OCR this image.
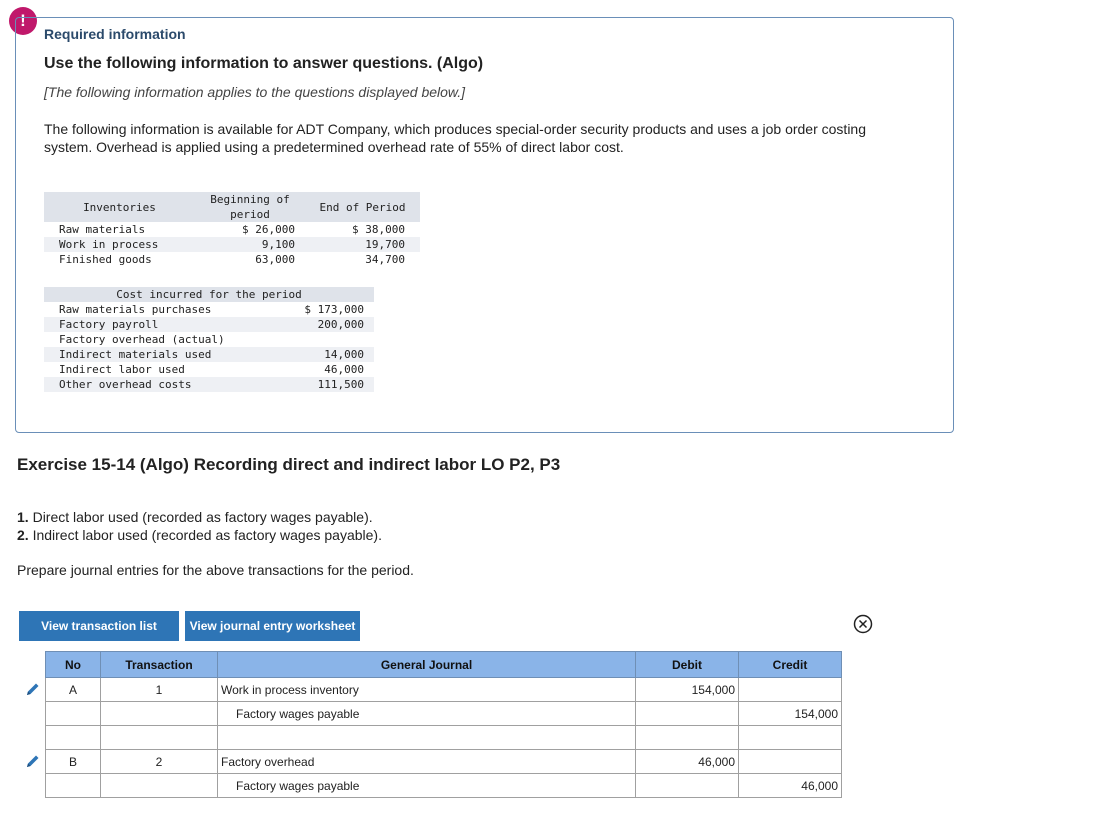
!
Required information
Use the following information to answer questions. (Algo)
[The following information applies to the questions displayed below.]
The following information is available for ADT Company, which produces special-order security products and uses a job order costing system. Overhead is applied using a predetermined overhead rate of 55% of direct labor cost.
Inventories	Beginning of period	End of Period
Raw materials	$ 26,000	$ 38,000
Work in process	9,100	19,700
Finished goods	63,000	34,700
Cost incurred for the period	
Raw materials purchases	$ 173,000
Factory payroll	200,000
Factory overhead (actual)	
Indirect materials used	14,000
Indirect labor used	46,000
Other overhead costs	111,500
Exercise 15-14 (Algo) Recording direct and indirect labor LO P2, P3
1. Direct labor used (recorded as factory wages payable).
2. Indirect labor used (recorded as factory wages payable).
Prepare journal entries for the above transactions for the period.
View transaction list	View journal entry worksheet
No	Transaction	General Journal	Debit	Credit
A	1	Work in process inventory	154,000	
		Factory wages payable		154,000

B	2	Factory overhead	46,000	
		Factory wages payable		46,000
